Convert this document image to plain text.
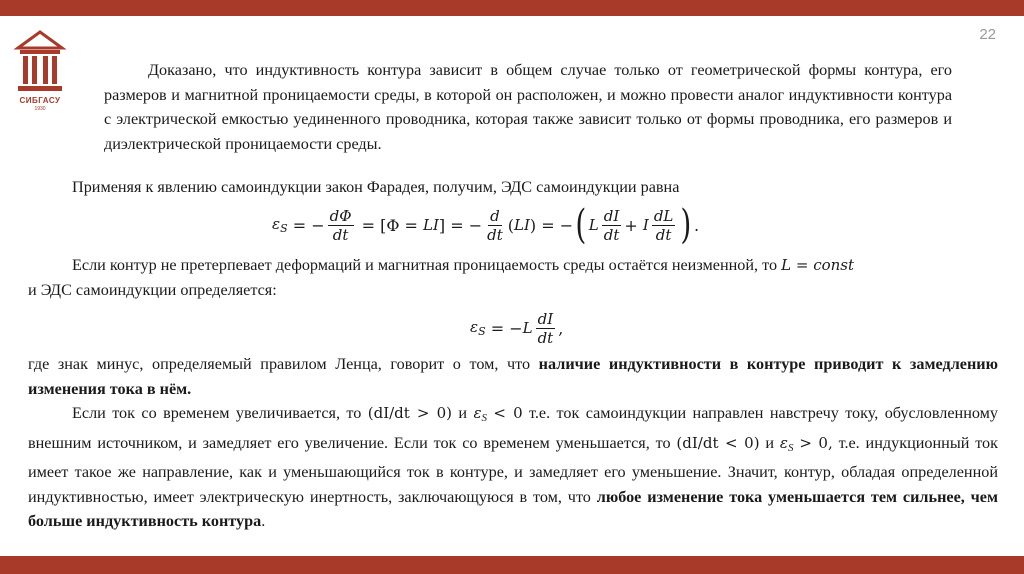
22
СИБГАСУ
1930
Доказано, что индуктивность контура зависит в общем случае только от геометрической формы контура, его размеров и магнитной проницаемости среды, в которой он расположен, и можно провести аналог индуктивности контура с электрической емкостью уединенного проводника, которая также зависит только от формы проводника, его размеров и диэлектрической проницаемости среды.
Применяя к явлению самоиндукции закон Фарадея, получим, ЭДС самоиндукции равна
$\varepsilon_S$ = − $\frac{d\Phi}{dt} = [\Phi$ = LI ] = − $\frac{d}{dt}$ ( LI ) = − ( L $\frac{dI}{dt} + I \frac{dL}{dt}$ ) .
Если контур не претерпевает деформаций и магнитная проницаемость среды остаётся неизменной, то L = const
и ЭДС самоиндукции определяется:
$\varepsilon_S$ = − L $\frac{dI}{dt}$ ,
где знак минус, определяемый правилом Ленца, говорит о том, что наличие индуктивности в контуре приводит к замедлению изменения тока в нём.
Если ток со временем увеличивается, то (dI/dt > 0) и $\varepsilon_S < 0$ т.е. ток самоиндукции направлен навстречу току, обусловленному внешним источником, и замедляет его увеличение. Если ток со временем уменьшается, то (dI/dt < 0) и $\varepsilon_S > 0$, т.е. индукционный ток имеет такое же направление, как и уменьшающийся ток в контуре, и замедляет его уменьшение. Значит, контур, обладая определенной индуктивностью, имеет электрическую инертность, заключающуюся в том, что любое изменение тока уменьшается тем сильнее, чем больше индуктивность контура.
